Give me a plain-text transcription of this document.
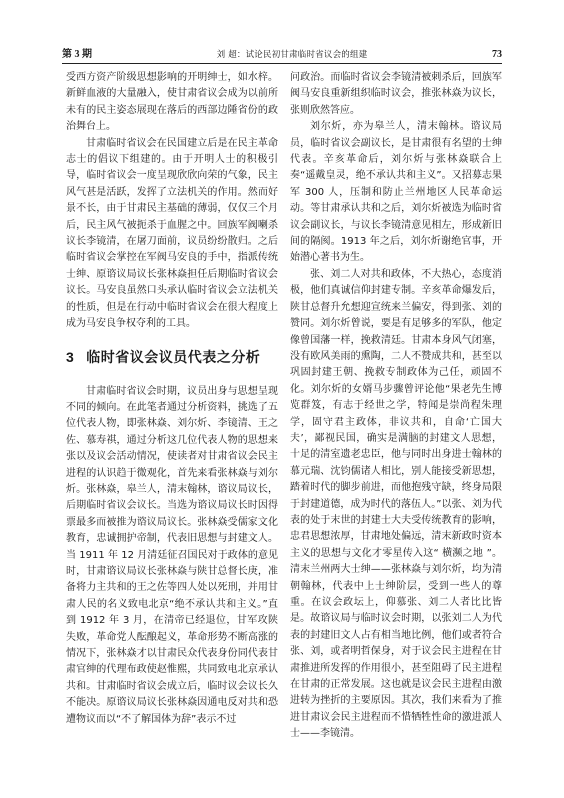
第 3 期	刘 超：试论民初甘肃临时省议会的组建	73

受西方资产阶级思想影响的开明绅士，如水梓。新鲜血液的大量融入，使甘肃省议会成为以前所未有的民主姿态展现在落后的西部边陲省份的政治舞台上。

甘肃临时省议会在民国建立后是在民主革命志士的倡议下组建的。由于开明人士的积极引导，临时省议会一度呈现欣欣向荣的气象，民主风气甚是活跃，发挥了立法机关的作用。然而好景不长，由于甘肃民主基础的薄弱，仅仅三个月后，民主风气被扼杀于血腥之中。回族军阀喇杀议长李镜清，在屠刀面前，议员纷纷散归。之后临时省议会掌控在军阀马安良的手中，指派传统士绅、原谘议局议长张林焱担任后期临时省议会议长。马安良虽然口头承认临时省议会立法机关的性质，但是在行动中临时省议会在很大程度上成为马安良争权夺利的工具。

3 临时省议会议员代表之分析

甘肃临时省议会时期，议员出身与思想呈现不同的倾向。在此笔者通过分析资料，挑选了五位代表人物，即张林焱、刘尔炘、李镜清、王之佐、慕寿祺，通过分析这几位代表人物的思想来张以及议会活动情况，使读者对甘肃省议会民主进程的认识趋于微观化，首先来看张林焱与刘尔炘。张林焱，皋兰人，清末翰林，谘议局议长，后期临时省议会议长。当选为谘议局议长时因得票最多而被推为谘议局议长。张林焱受儒家文化教育，忠诚拥护帝制，代表旧思想与封建文人。当 1911 年 12 月清廷征召国民对于政体的意见时，甘肃谘议局议长张林焱与陕甘总督长庚，准备将力主共和的王之佐等四人处以死刑，并用甘肃人民的名义致电北京“绝不承认共和主义。”直到 1912 年 3 月，在清帝已经退位，甘军攻陕失败，革命党人酝酿起义，革命形势不断高涨的情况下，张林焱才以甘肃民众代表身份同代表甘肃官绅的代理布政使赵惟熙，共同致电北京承认共和。甘肃临时省议会成立后，临时议会议长久不能决。原谘议局议长张林焱因通电反对共和恐遭物议而以“不了解国体为辞”表示不过

问政治。而临时省议会李镜清被刺杀后，回族军阀马安良重新组织临时议会，推张林焱为议长，张则欣然答应。

刘尔炘，亦为皋兰人，清末翰林。谘议局员，临时省议会副议长，是甘肃很有名望的士绅代表。辛亥革命后，刘尔炘与张林焱联合上奏“遥戴皇灵，绝不承认共和主义”。又招募志果军 300 人，压制和防止兰州地区人民革命运动。等甘肃承认共和之后，刘尔炘被选为临时省议会副议长，与议长李镜清意见相左，形成新旧间的隔阂。1913 年之后，刘尔炘谢绝官事，开始潜心著书为生。

张、刘二人对共和政体，不大热心，态度消极，他们真诚信仰封建专制。辛亥革命爆发后，陕甘总督升允想迎宣统来兰偏安，得到张、刘的赞同。刘尔炘曾说，要是有足够多的军队，他定像曾国藩一样，挽救清廷。甘肃本身风气闭塞，没有欧风美雨的熏陶，二人不赞成共和，甚至以巩固封建王朝、挽救专制政体为己任，顽固不化。刘尔炘的女婿马步骤曾评论他“果老先生博览群笈，有志于经世之学，特闻是崇尚程朱理学，固守君主政体，非议共和，自命‘亡国大夫’，鄙视民国，确实是满脑的封建文人思想，十足的清室遗老忠臣，他与同时出身进士翰林的慕元瑞、沈钧儒诸人相比，别人能接受新思想，踏着时代的脚步前进，而他抱残守缺，终身局限于封建道德，成为时代的落伍人。”以张、刘为代表的处于末世的封建士大夫受传统教育的影响，忠君思想浓厚，甘肃地处偏远，清末新政时资本主义的思想与文化才零星传入这“ 横濒之地 ”。清末兰州两大士绅——张林焱与刘尔炘，均为清朝翰林，代表中上士绅阶层，受到一些人的尊重。在议会政坛上，仰慕张、刘二人者比比皆是。故谘议局与临时议会时期，以张刘二人为代表的封建旧文人占有相当地比例，他们或者符合张、刘，或者明哲保身，对于议会民主进程在甘肃推进所发挥的作用很小，甚至阻碍了民主进程在甘肃的正常发展。这也就是议会民主进程由激进转为挫折的主要原因。其次，我们来看为了推进甘肃议会民主进程而不惜牺牲性命的激进派人士——李镜清。
